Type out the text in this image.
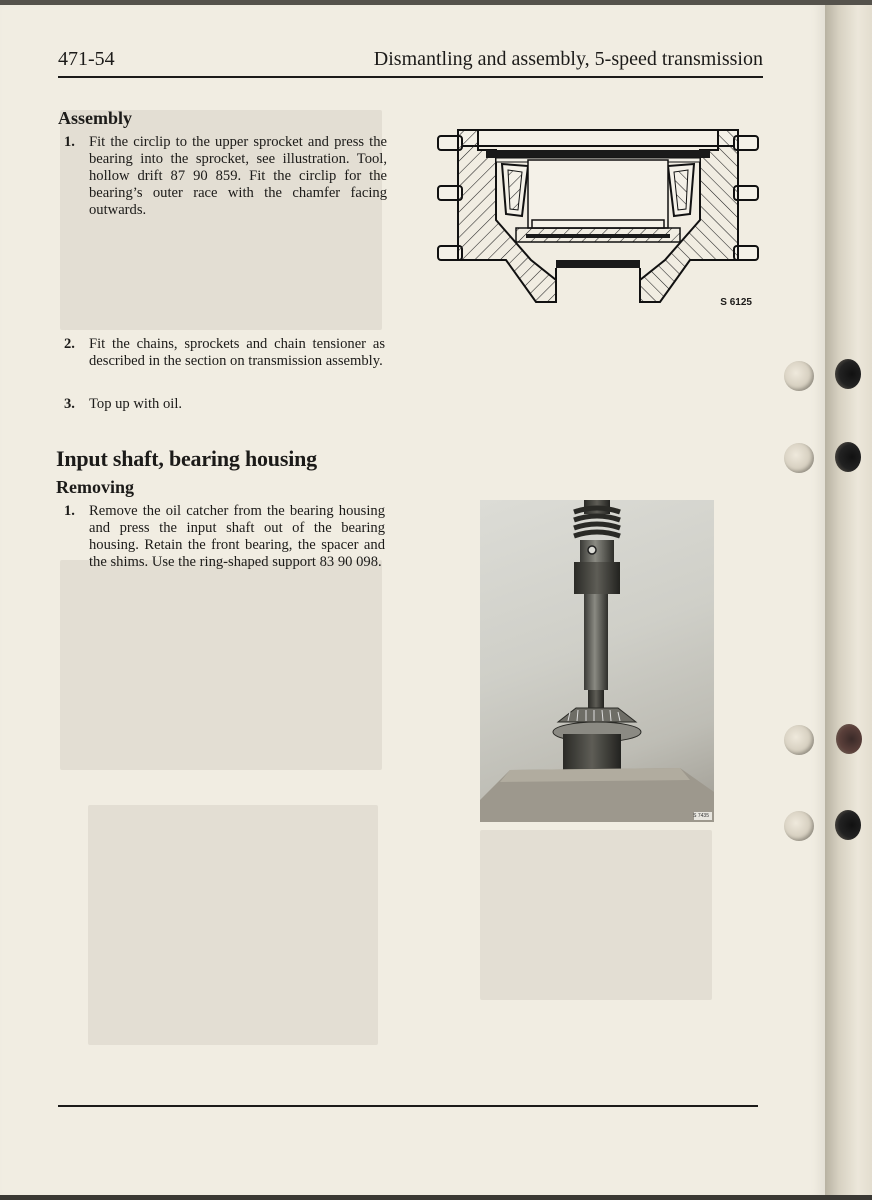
471-54	Dismantling and assembly, 5-speed transmission
Assembly
1. Fit the circlip to the upper sprocket and press the bearing into the sprocket, see illustration. Tool, hollow drift 87 90 859. Fit the circlip for the bearing’s outer race with the chamfer facing outwards.
2. Fit the chains, sprockets and chain tensioner as described in the section on transmission assembly.
3. Top up with oil.
Input shaft, bearing housing
Removing
1. Remove the oil catcher from the bearing housing and press the input shaft out of the bearing housing. Retain the front bearing, the spacer and the shims. Use the ring-shaped support 83 90 098.
S 6125
S 7435
